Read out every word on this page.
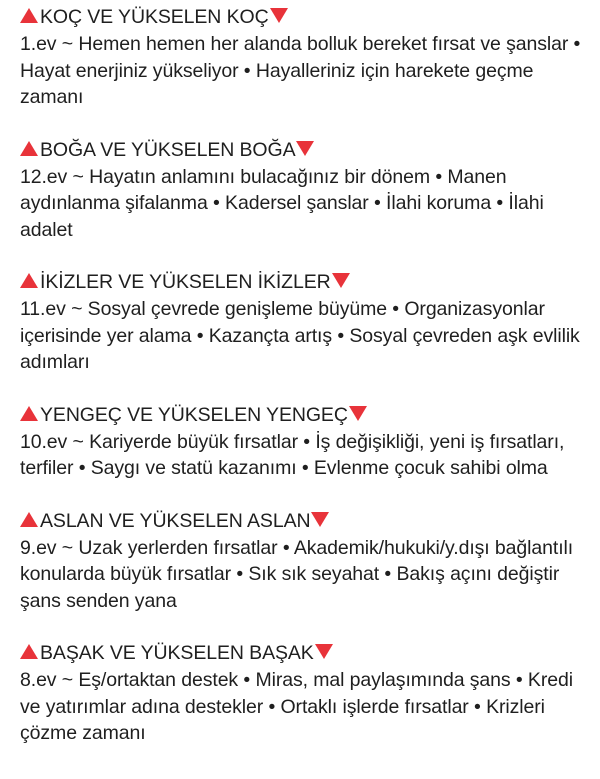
KOÇ VE YÜKSELEN KOÇ
1.ev ~ Hemen hemen her alanda bolluk bereket fırsat ve şanslar • Hayat enerjiniz yükseliyor • Hayalleriniz için harekete geçme zamanı
BOĞA VE YÜKSELEN BOĞA
12.ev ~ Hayatın anlamını bulacağınız bir dönem • Manen aydınlanma şifalanma • Kadersel şanslar • İlahi koruma • İlahi adalet
İKİZLER VE YÜKSELEN İKİZLER
11.ev ~ Sosyal çevrede genişleme büyüme • Organizasyonlar içerisinde yer alama • Kazançta artış • Sosyal çevreden aşk evlilik adımları
YENGEÇ VE YÜKSELEN YENGEÇ
10.ev ~ Kariyerde büyük fırsatlar • İş değişikliği, yeni iş fırsatları, terfiler • Saygı ve statü kazanımı • Evlenme çocuk sahibi olma
ASLAN VE YÜKSELEN ASLAN
9.ev ~ Uzak yerlerden fırsatlar • Akademik/hukuki/y.dışı bağlantılı konularda büyük fırsatlar • Sık sık seyahat • Bakış açını değiştir şans senden yana
BAŞAK VE YÜKSELEN BAŞAK
8.ev ~ Eş/ortaktan destek • Miras, mal paylaşımında şans • Kredi ve yatırımlar adına destekler • Ortaklı işlerde fırsatlar • Krizleri çözme zamanı
